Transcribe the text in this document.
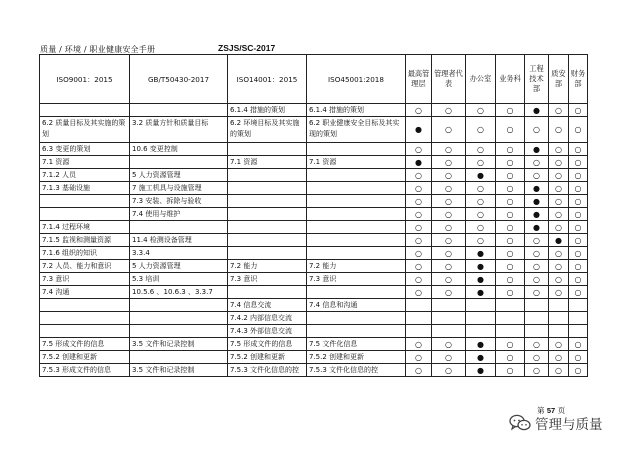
质量 / 环境 / 职业健康安全手册	ZSJS/SC-2017
ISO9001：2015	GB/T50430-2017	ISO14001：2015	ISO45001:2018	最高管理层	管理者代表	办公室	业务科	工程技术部	质安部	财务部
		6.1.4 措施的策划	6.1.4 措施的策划	○	○	○	○	●	○	○
6.2 质量目标及其实施的策划	3.2 质量方针和质量目标	6.2 环境目标及其实施的策划	6.2 职业健康安全目标及其实现的策划	●	○	○	○	○	○	○
6.3 变更的策划	10.6 变更控制			○	○	○	○	●	○	○
7.1 资源		7.1 资源	7.1 资源	●	○	○	○	○	○	○
7.1.2 人员	5 人力资源管理			○	○	●	○	○	○	○
7.1.3 基础设施	7 施工机具与设施管理			○	○	○	○	●	○	○
	7.3 安装、拆除与验收			○	○	○	○	●	○	○
	7.4 使用与维护			○	○	○	○	●	○	○
7.1.4 过程环境				○	○	○	○	●	○	○
7.1.5 监视和测量资源	11.4 检测设备管理			○	○	○	○	○	●	○
7.1.6 组织的知识	3.3.4			○	○	●	○	○	○	○
7.2 人员、能力和意识	5 人力资源管理	7.2 能力	7.2 能力	○	○	●	○	○	○	○
7.3 意识	5.3 培训	7.3 意识	7.3 意识	○	○	●	○	○	○	○
7.4 沟通	10.5.6 、10.6.3 、3.3.7			○	○	●	○	○	○	○
		7.4 信息交流	7.4 信息和沟通							
		7.4.2 内部信息交流								
		7.4.3 外部信息交流								
7.5 形成文件的信息	3.5 文件和记录控制	7.5 形成文件的信息	7.5 文件化信息	○	○	●	○	○	○	○
7.5.2 创建和更新		7.5.2 创建和更新	7.5.2 创建和更新	○	○	●	○	○	○	○
7.5.3 形成文件的信息	3.5 文件和记录控制	7.5.3 文件化信息的控	7.5.3 文件化信息的控	○	○	●	○	○	○	○
第 57 页
管理与质量
